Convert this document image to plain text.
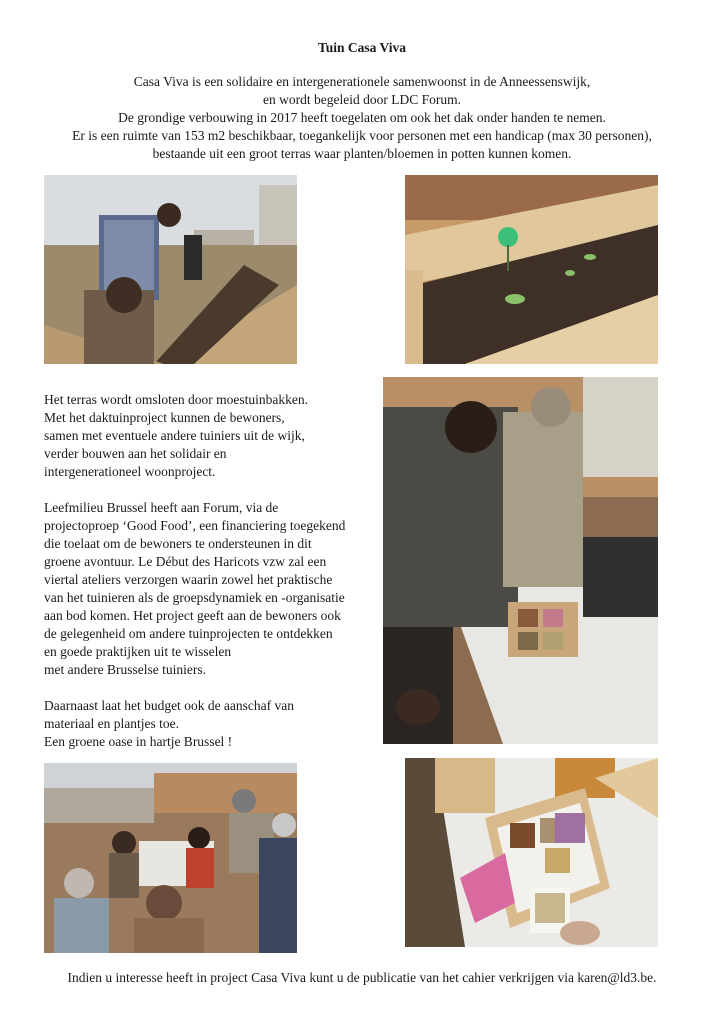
Tuin Casa Viva

Casa Viva is een solidaire en intergenerationele samenwoonst in de Anneessenswijk,

en wordt begeleid door LDC Forum.

De grondige verbouwing in 2017 heeft toegelaten om ook het dak onder handen te nemen.

Er is een ruimte van 153 m2 beschikbaar, toegankelijk voor personen met een handicap (max 30 personen),

bestaande uit een groot terras waar planten/bloemen in potten kunnen komen.

Het terras wordt omsloten door moestuinbakken.
Met het daktuinproject kunnen de bewoners,
samen met eventuele andere tuiniers uit de wijk,
verder bouwen aan het solidair en
intergenerationeel woonproject.

Leefmilieu Brussel heeft aan Forum, via de
projectoproep ‘Good Food’, een financiering toegekend
die toelaat om de bewoners te ondersteunen in dit
groene avontuur. Le Début des Haricots vzw zal een
viertal ateliers verzorgen waarin zowel het praktische
van het tuinieren als de groepsdynamiek en -organisatie
aan bod komen. Het project geeft aan de bewoners ook
de gelegenheid om andere tuinprojecten te ontdekken
en goede praktijken uit te wisselen
met andere Brusselse tuiniers.

Daarnaast laat het budget ook de aanschaf van
materiaal en plantjes toe.
Een groene oase in hartje Brussel !

Indien u interesse heeft in project Casa Viva kunt u de publicatie van het cahier verkrijgen via karen@ld3.be.
